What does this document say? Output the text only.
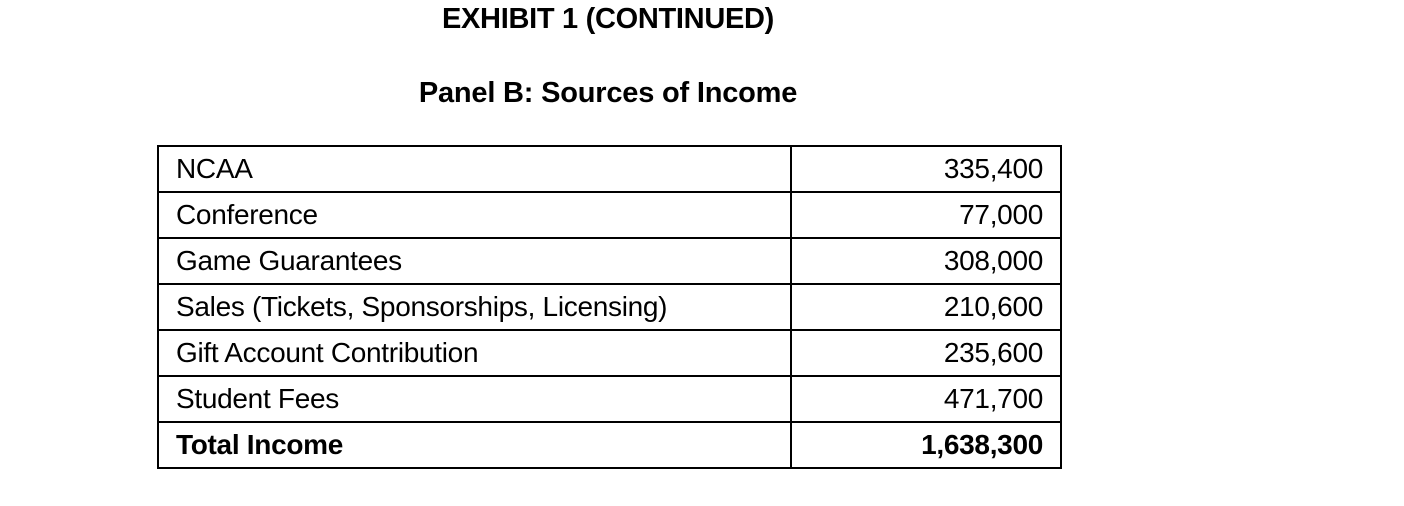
EXHIBIT 1 (CONTINUED)
Panel B: Sources of Income
NCAA	335,400
Conference	77,000
Game Guarantees	308,000
Sales (Tickets, Sponsorships, Licensing)	210,600
Gift Account Contribution	235,600
Student Fees	471,700
Total Income	1,638,300
